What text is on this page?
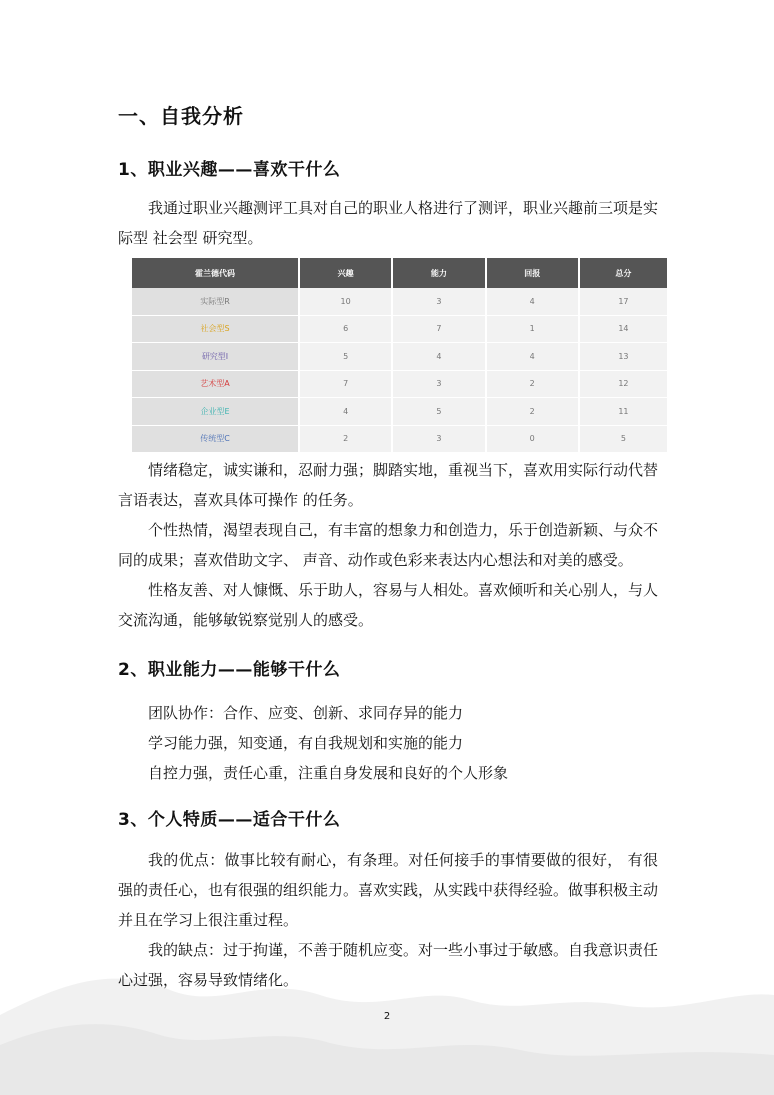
一、自我分析
1、职业兴趣——喜欢干什么

我通过职业兴趣测评工具对自己的职业人格进行了测评，职业兴趣前三项是实际型 社会型 研究型。

霍兰德代码	兴趣	能力	回报	总分
实际型R	10	3	4	17
社会型S	6	7	1	14
研究型I	5	4	4	13
艺术型A	7	3	2	12
企业型E	4	5	2	11
传统型C	2	3	0	5

情绪稳定，诚实谦和，忍耐力强；脚踏实地，重视当下，喜欢用实际行动代替言语表达，喜欢具体可操作 的任务。

个性热情，渴望表现自己，有丰富的想象力和创造力，乐于创造新颖、与众不同的成果；喜欢借助文字、 声音、动作或色彩来表达内心想法和对美的感受。

性格友善、对人慷慨、乐于助人，容易与人相处。喜欢倾听和关心别人，与人交流沟通，能够敏锐察觉别人的感受。

2、职业能力——能够干什么

团队协作：合作、应变、创新、求同存异的能力

学习能力强，知变通，有自我规划和实施的能力

自控力强，责任心重，注重自身发展和良好的个人形象

3、个人特质——适合干什么

我的优点：做事比较有耐心，有条理。对任何接手的事情要做的很好， 有很强的责任心，也有很强的组织能力。喜欢实践，从实践中获得经验。做事积极主动并且在学习上很注重过程。

我的缺点：过于拘谨，不善于随机应变。对一些小事过于敏感。自我意识责任心过强，容易导致情绪化。

2
